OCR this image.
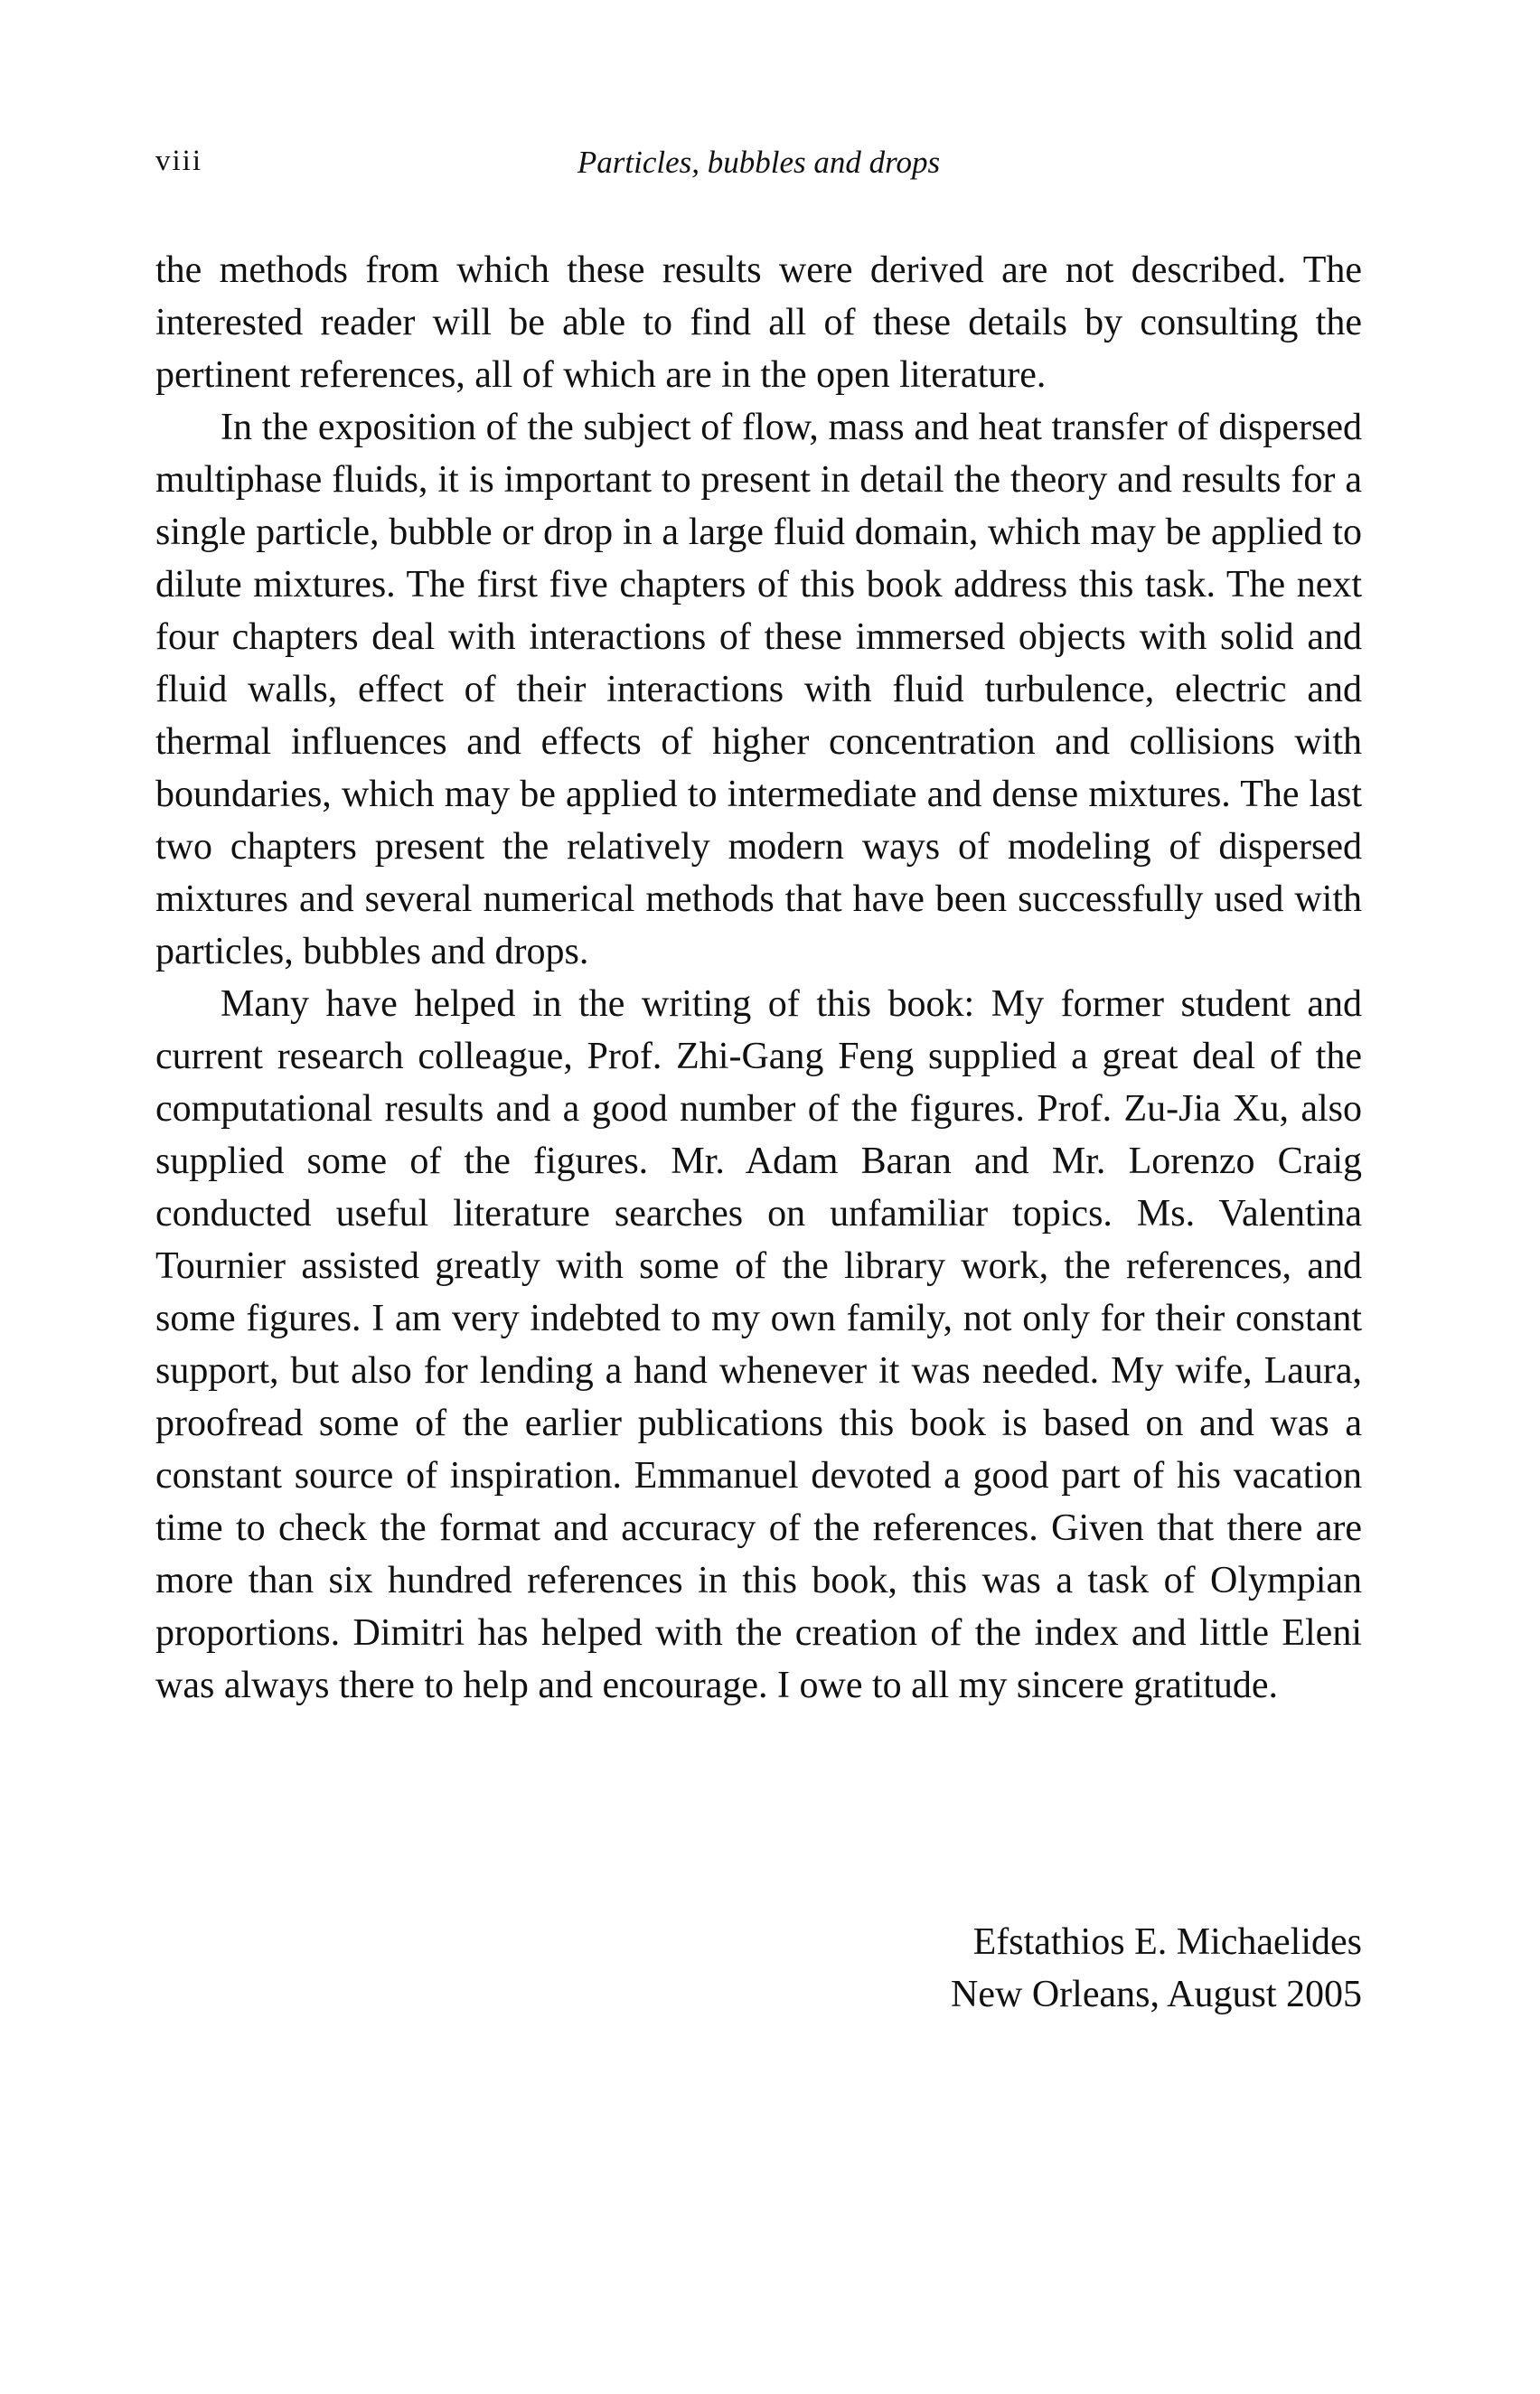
viii	Particles, bubbles and drops

the methods from which these results were derived are not described. The interested reader will be able to find all of these details by consulting the pertinent references, all of which are in the open literature.

In the exposition of the subject of flow, mass and heat transfer of dispersed multiphase fluids, it is important to present in detail the theory and results for a single particle, bubble or drop in a large fluid domain, which may be applied to dilute mixtures. The first five chapters of this book address this task. The next four chapters deal with interactions of these immersed objects with solid and fluid walls, effect of their interactions with fluid turbulence, electric and thermal influences and effects of higher concentration and collisions with boundaries, which may be applied to intermediate and dense mixtures. The last two chapters present the relatively modern ways of modeling of dispersed mixtures and several numerical methods that have been successfully used with particles, bubbles and drops.

Many have helped in the writing of this book: My former student and current research colleague, Prof. Zhi-Gang Feng supplied a great deal of the computational results and a good number of the figures. Prof. Zu-Jia Xu, also supplied some of the figures. Mr. Adam Baran and Mr. Lorenzo Craig conducted useful literature searches on unfamiliar topics. Ms. Valentina Tournier assisted greatly with some of the library work, the references, and some figures. I am very indebted to my own family, not only for their constant support, but also for lending a hand whenever it was needed. My wife, Laura, proofread some of the earlier publications this book is based on and was a constant source of inspiration. Emmanuel devoted a good part of his vacation time to check the format and accuracy of the references. Given that there are more than six hundred references in this book, this was a task of Olympian proportions. Dimitri has helped with the creation of the index and little Eleni was always there to help and encourage. I owe to all my sincere gratitude.

Efstathios E. Michaelides
New Orleans, August 2005
